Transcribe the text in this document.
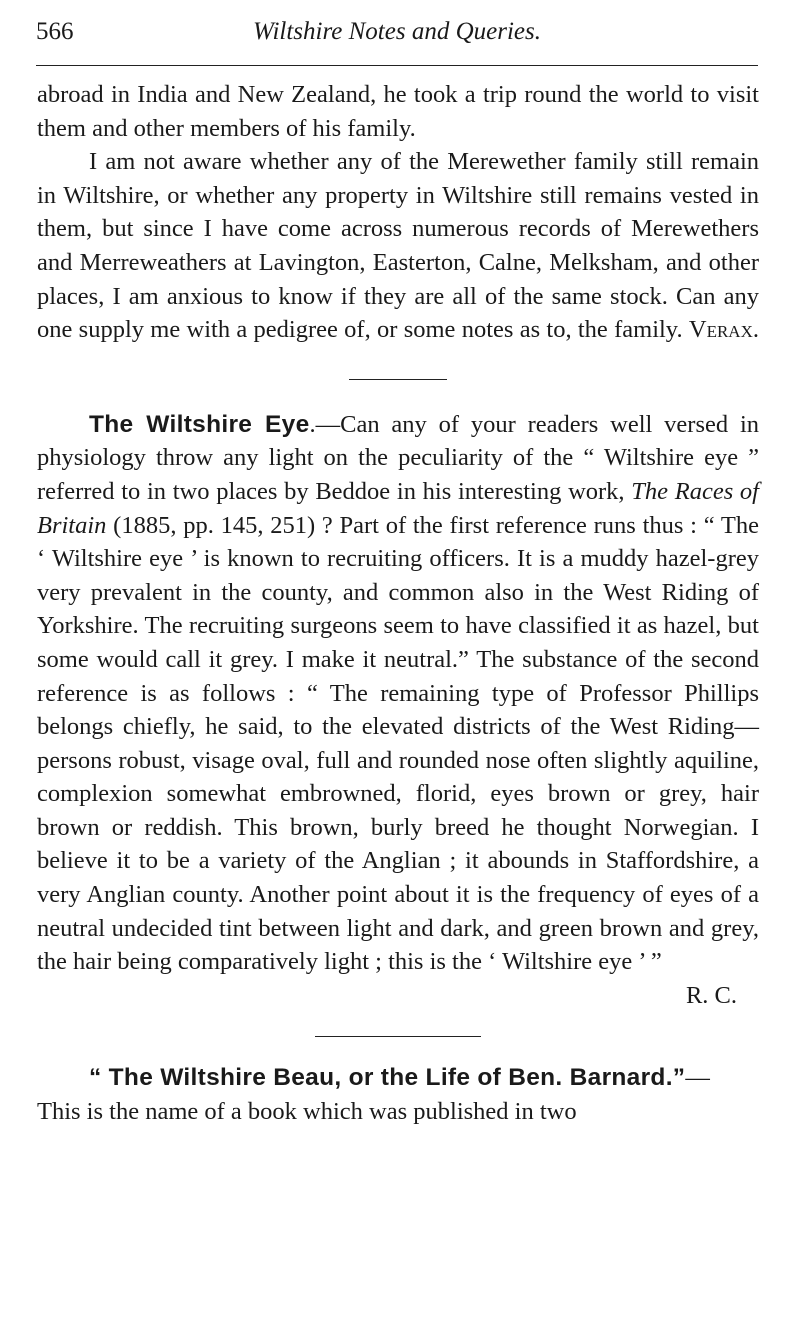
566	Wiltshire Notes and Queries.

abroad in India and New Zealand, he took a trip round the world to visit them and other members of his family.

I am not aware whether any of the Merewether family still remain in Wiltshire, or whether any property in Wiltshire still remains vested in them, but since I have come across numerous records of Merewethers and Merreweathers at Lavington, Easterton, Calne, Melksham, and other places, I am anxious to know if they are all of the same stock. Can any one supply me with a pedigree of, or some notes as to, the family. Verax.

The Wiltshire Eye.—Can any of your readers well versed in physiology throw any light on the peculiarity of the “ Wiltshire eye ” referred to in two places by Beddoe in his interesting work, The Races of Britain (1885, pp. 145, 251) ? Part of the first reference runs thus : “ The ‘ Wiltshire eye ’ is known to recruiting officers. It is a muddy hazel-grey very prevalent in the county, and common also in the West Riding of Yorkshire. The recruiting surgeons seem to have classified it as hazel, but some would call it grey. I make it neutral.” The substance of the second reference is as follows : “ The remaining type of Professor Phillips belongs chiefly, he said, to the elevated districts of the West Riding—persons robust, visage oval, full and rounded nose often slightly aquiline, complexion somewhat embrowned, florid, eyes brown or grey, hair brown or reddish. This brown, burly breed he thought Norwegian. I believe it to be a variety of the Anglian ; it abounds in Staffordshire, a very Anglian county. Another point about it is the frequency of eyes of a neutral undecided tint between light and dark, and green brown and grey, the hair being comparatively light ; this is the ‘ Wiltshire eye ’ ”

R. C.

“ The Wiltshire Beau, or the Life of Ben. Barnard.”—

This is the name of a book which was published in two
